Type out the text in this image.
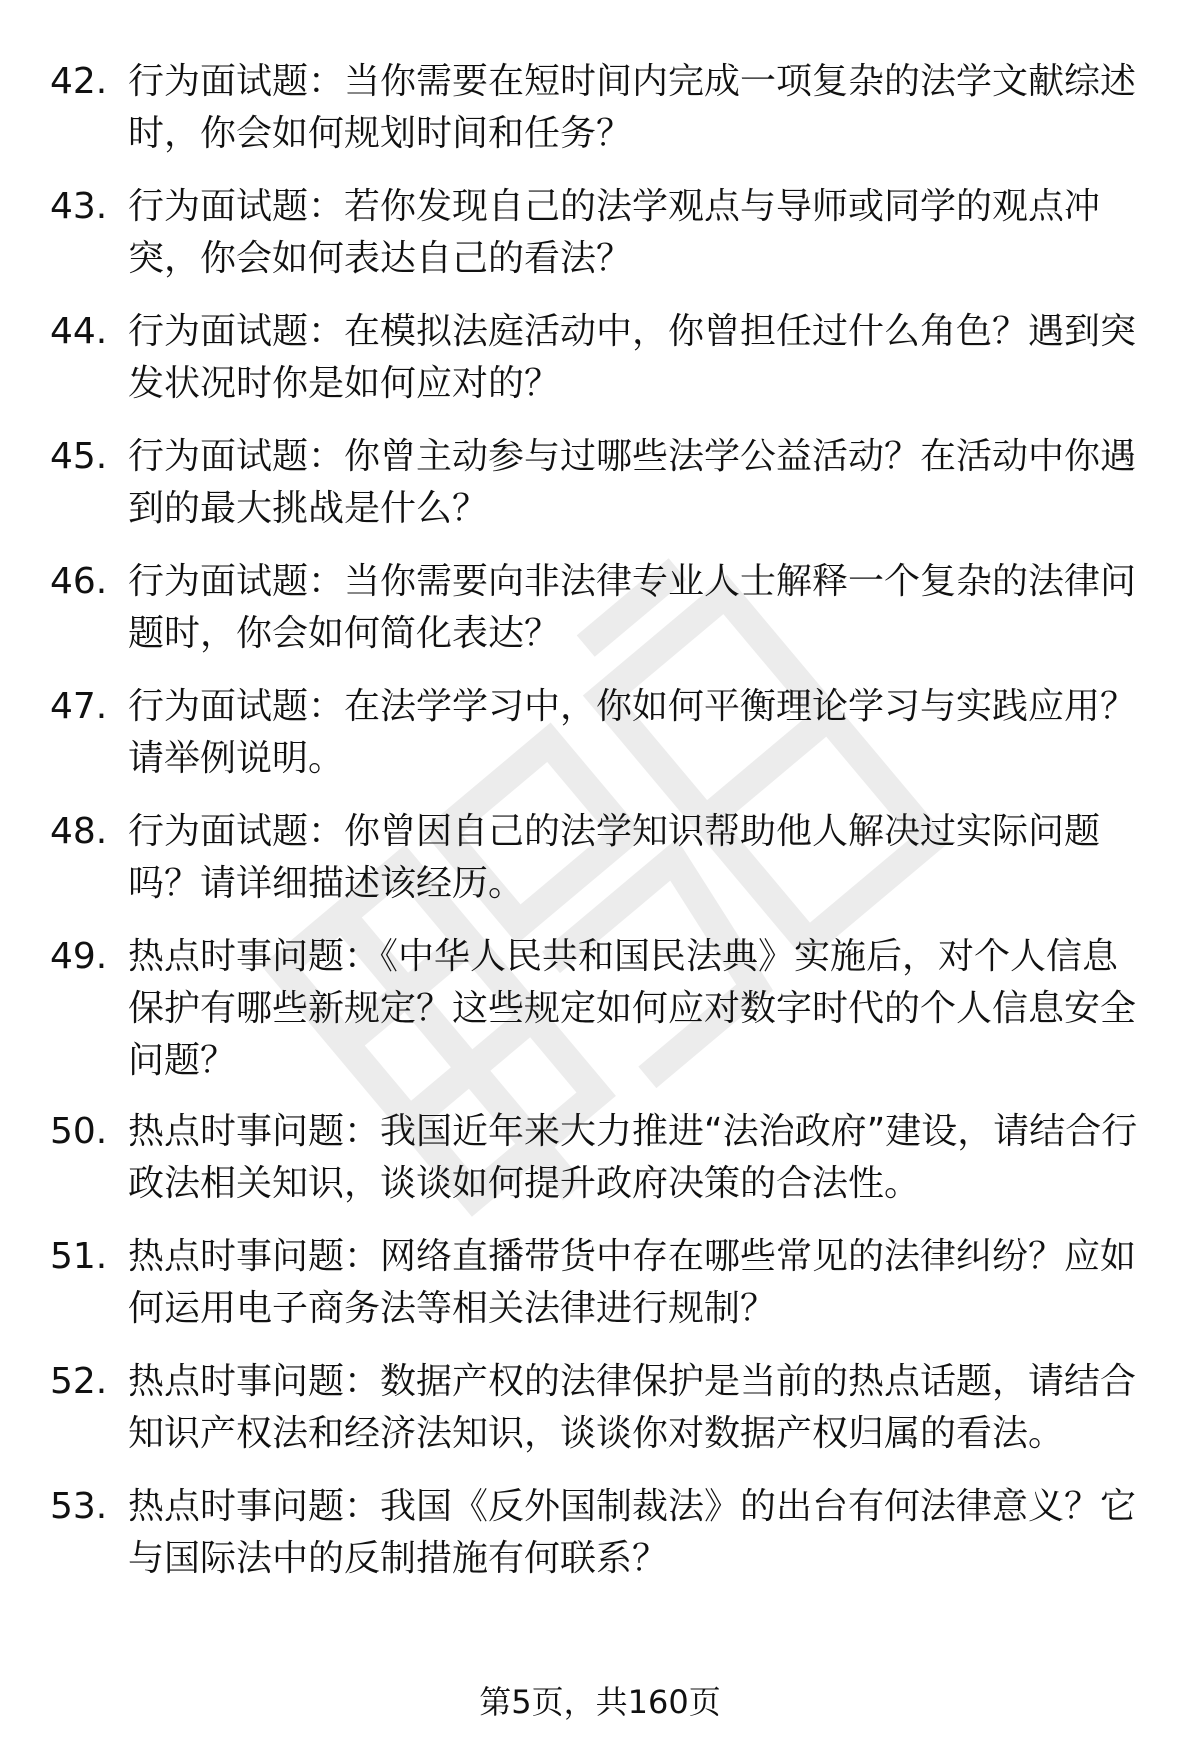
42. 行为面试题：当你需要在短时间内完成一项复杂的法学文献综述时，你会如何规划时间和任务？
43. 行为面试题：若你发现自己的法学观点与导师或同学的观点冲突，你会如何表达自己的看法？
44. 行为面试题：在模拟法庭活动中，你曾担任过什么角色？遇到突发状况时你是如何应对的？
45. 行为面试题：你曾主动参与过哪些法学公益活动？在活动中你遇到的最大挑战是什么？
46. 行为面试题：当你需要向非法律专业人士解释一个复杂的法律问题时，你会如何简化表达？
47. 行为面试题：在法学学习中，你如何平衡理论学习与实践应用？请举例说明。
48. 行为面试题：你曾因自己的法学知识帮助他人解决过实际问题吗？请详细描述该经历。
49. 热点时事问题：《中华人民共和国民法典》实施后，对个人信息保护有哪些新规定？这些规定如何应对数字时代的个人信息安全问题？
50. 热点时事问题：我国近年来大力推进“法治政府”建设，请结合行政法相关知识，谈谈如何提升政府决策的合法性。
51. 热点时事问题：网络直播带货中存在哪些常见的法律纠纷？应如何运用电子商务法等相关法律进行规制？
52. 热点时事问题：数据产权的法律保护是当前的热点话题，请结合知识产权法和经济法知识，谈谈你对数据产权归属的看法。
53. 热点时事问题：我国《反外国制裁法》的出台有何法律意义？它与国际法中的反制措施有何联系？
第5页，共160页
